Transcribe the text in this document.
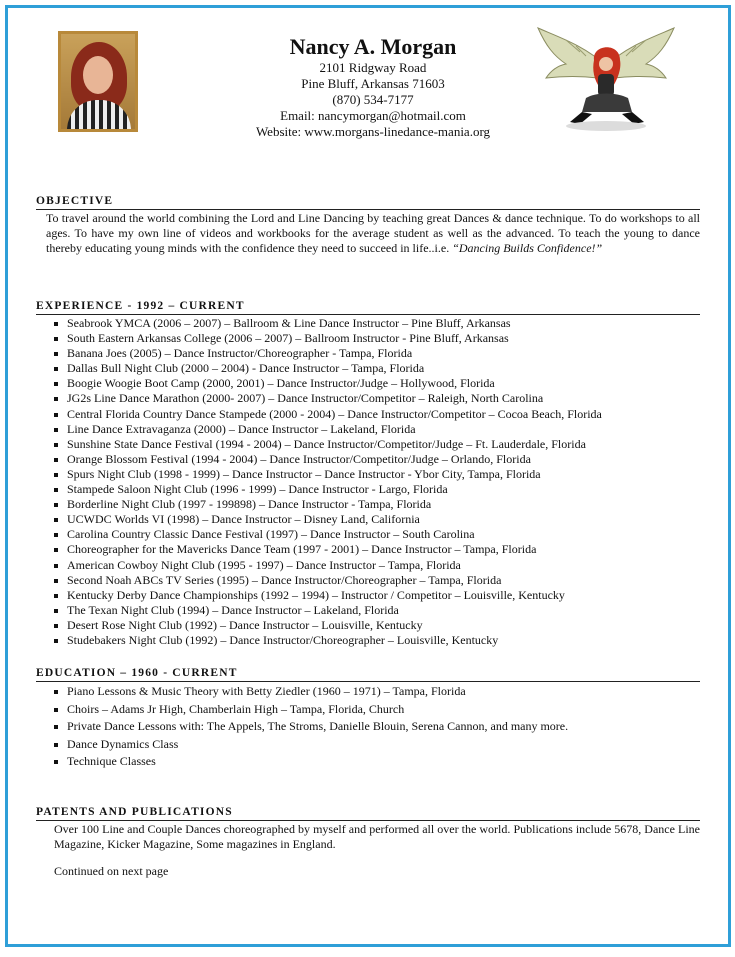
Nancy A. Morgan
2101 Ridgway Road
Pine Bluff, Arkansas 71603
(870) 534-7177
Email: nancymorgan@hotmail.com
Website: www.morgans-linedance-mania.org
OBJECTIVE

To travel around the world combining the Lord and Line Dancing by teaching great Dances & dance technique. To do workshops to all ages. To have my own line of videos and workbooks for the average student as well as the advanced. To teach the young to dance thereby educating young minds with the confidence they need to succeed in life..i.e. “Dancing Builds Confidence!”

EXPERIENCE - 1992 – CURRENT
Seabrook YMCA (2006 – 2007) – Ballroom & Line Dance Instructor – Pine Bluff, Arkansas
South Eastern Arkansas College (2006 – 2007) – Ballroom Instructor - Pine Bluff, Arkansas
Banana Joes (2005) – Dance Instructor/Choreographer - Tampa, Florida
Dallas Bull Night Club (2000 – 2004) - Dance Instructor – Tampa, Florida
Boogie Woogie Boot Camp (2000, 2001) – Dance Instructor/Judge – Hollywood, Florida
JG2s Line Dance Marathon (2000- 2007) – Dance Instructor/Competitor – Raleigh, North Carolina
Central Florida Country Dance Stampede (2000 - 2004) – Dance Instructor/Competitor – Cocoa Beach, Florida
Line Dance Extravaganza (2000) – Dance Instructor – Lakeland, Florida
Sunshine State Dance Festival (1994 - 2004) – Dance Instructor/Competitor/Judge – Ft. Lauderdale, Florida
Orange Blossom Festival (1994 - 2004) – Dance Instructor/Competitor/Judge – Orlando, Florida
Spurs Night Club (1998 - 1999) – Dance Instructor – Dance Instructor - Ybor City, Tampa, Florida
Stampede Saloon Night Club (1996 - 1999) – Dance Instructor - Largo, Florida
Borderline Night Club (1997 - 199898) – Dance Instructor - Tampa, Florida
UCWDC Worlds VI (1998) – Dance Instructor – Disney Land, California
Carolina Country Classic Dance Festival (1997) – Dance Instructor – South Carolina
Choreographer for the Mavericks Dance Team (1997 - 2001) – Dance Instructor – Tampa, Florida
American Cowboy Night Club (1995 - 1997) – Dance Instructor – Tampa, Florida
Second Noah ABCs TV Series (1995) – Dance Instructor/Choreographer – Tampa, Florida
Kentucky Derby Dance Championships (1992 – 1994) – Instructor / Competitor – Louisville, Kentucky
The Texan Night Club (1994) – Dance Instructor – Lakeland, Florida
Desert Rose Night Club (1992) – Dance Instructor – Louisville, Kentucky
Studebakers Night Club (1992) – Dance Instructor/Choreographer – Louisville, Kentucky
EDUCATION – 1960 - CURRENT
Piano Lessons & Music Theory with Betty Ziedler (1960 – 1971) – Tampa, Florida
Choirs – Adams Jr High, Chamberlain High – Tampa, Florida, Church
Private Dance Lessons with: The Appels, The Stroms, Danielle Blouin, Serena Cannon, and many more.
Dance Dynamics Class
Technique Classes
PATENTS AND PUBLICATIONS

Over 100 Line and Couple Dances choreographed by myself and performed all over the world. Publications include 5678, Dance Line Magazine, Kicker Magazine, Some magazines in England.

Continued on next page
